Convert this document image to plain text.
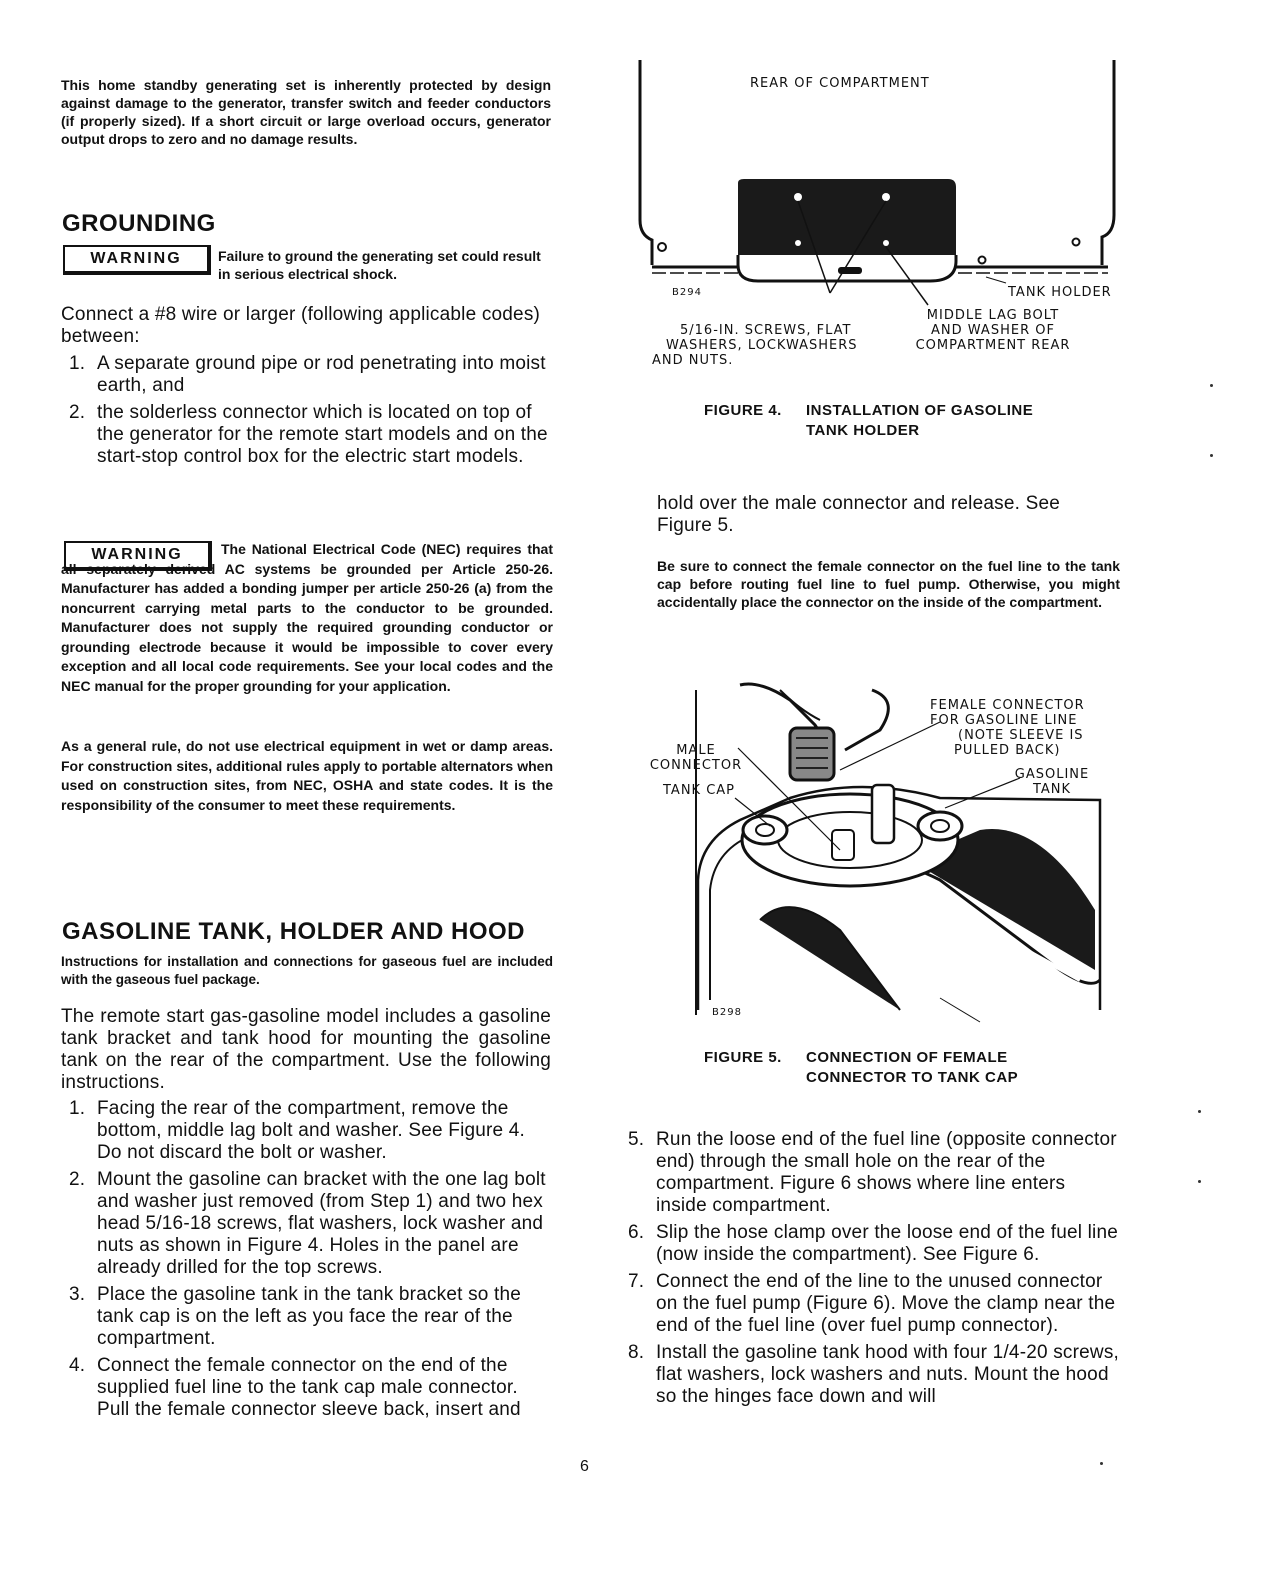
This home standby generating set is inherently protected by design against damage to the generator, transfer switch and feeder conductors (if properly sized). If a short circuit or large overload occurs, generator output drops to zero and no damage results.
GROUNDING
WARNING	Failure to ground the generating set could result in serious electrical shock.
Connect a #8 wire or larger (following applicable codes) between:
1. A separate ground pipe or rod penetrating into moist earth, and
2. the solderless connector which is located on top of the generator for the remote start models and on the start-stop control box for the electric start models.
WARNING	The National Electrical Code (NEC) requires that all separately derived AC systems be grounded per Article 250-26. Manufacturer has added a bonding jumper per article 250-26 (a) from the noncurrent carrying metal parts to the conductor to be grounded. Manufacturer does not supply the required grounding conductor or grounding electrode because it would be impossible to cover every exception and all local code requirements. See your local codes and the NEC manual for the proper grounding for your application.
As a general rule, do not use electrical equipment in wet or damp areas. For construction sites, additional rules apply to portable alternators when used on construction sites, from NEC, OSHA and state codes. It is the responsibility of the consumer to meet these requirements.
GASOLINE TANK, HOLDER AND HOOD
Instructions for installation and connections for gaseous fuel are included with the gaseous fuel package.
The remote start gas-gasoline model includes a gasoline tank bracket and tank hood for mounting the gasoline tank on the rear of the compartment. Use the following instructions.
1. Facing the rear of the compartment, remove the bottom, middle lag bolt and washer. See Figure 4. Do not discard the bolt or washer.
2. Mount the gasoline can bracket with the one lag bolt and washer just removed (from Step 1) and two hex head 5/16-18 screws, flat washers, lock washer and nuts as shown in Figure 4. Holes in the panel are already drilled for the top screws.
3. Place the gasoline tank in the tank bracket so the tank cap is on the left as you face the rear of the compartment.
4. Connect the female connector on the end of the supplied fuel line to the tank cap male connector. Pull the female connector sleeve back, insert and
REAR OF COMPARTMENT
B294	TANK HOLDER
MIDDLE LAG BOLT
AND WASHER OF
COMPARTMENT REAR
5/16-IN. SCREWS, FLAT
WASHERS, LOCKWASHERS
AND NUTS.
FIGURE 4. INSTALLATION OF GASOLINE
TANK HOLDER
hold over the male connector and release. See Figure 5.
Be sure to connect the female connector on the fuel line to the tank cap before routing fuel line to fuel pump. Otherwise, you might accidentally place the connector on the inside of the compartment.
FEMALE CONNECTOR
FOR GASOLINE LINE
(NOTE SLEEVE IS
PULLED BACK)
MALE
CONNECTOR
GASOLINE
TANK
TANK CAP
B298
FIGURE 5. CONNECTION OF FEMALE
CONNECTOR TO TANK CAP
5. Run the loose end of the fuel line (opposite connector end) through the small hole on the rear of the compartment. Figure 6 shows where line enters inside compartment.
6. Slip the hose clamp over the loose end of the fuel line (now inside the compartment). See Figure 6.
7. Connect the end of the line to the unused connector on the fuel pump (Figure 6). Move the clamp near the end of the fuel line (over fuel pump connector).
8. Install the gasoline tank hood with four 1/4-20 screws, flat washers, lock washers and nuts. Mount the hood so the hinges face down and will
6
